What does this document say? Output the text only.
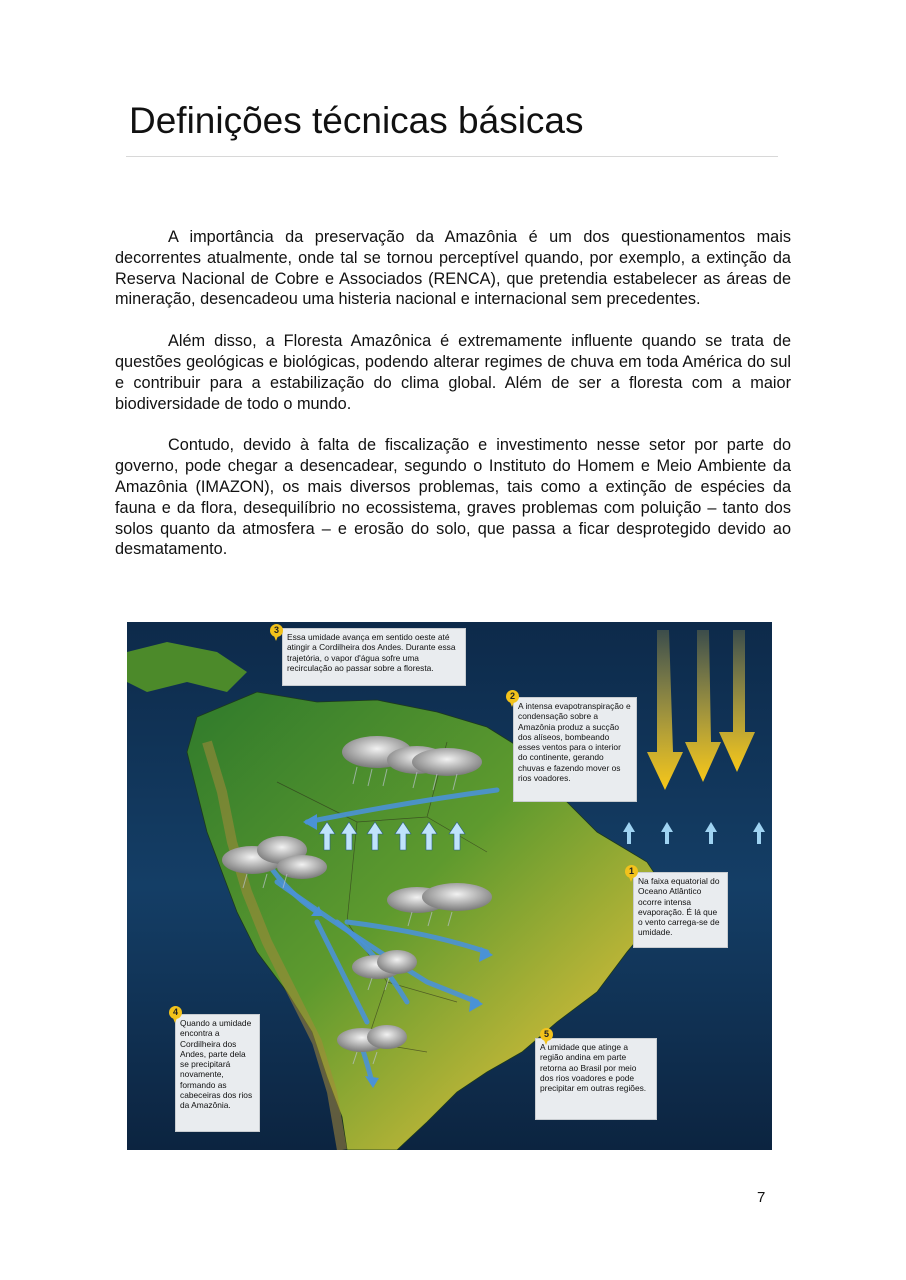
Definições técnicas básicas

A importância da preservação da Amazônia é um dos questionamentos mais decorrentes atualmente, onde tal se tornou perceptível quando, por exemplo, a extinção da Reserva Nacional de Cobre e Associados (RENCA), que pretendia estabelecer as áreas de mineração, desencadeou uma histeria nacional e internacional sem precedentes.

Além disso, a Floresta Amazônica é extremamente influente quando se trata de questões geológicas e biológicas, podendo alterar regimes de chuva em toda América do sul e contribuir para a estabilização do clima global. Além de ser a floresta com a maior biodiversidade de todo o mundo.

Contudo, devido à falta de fiscalização e investimento nesse setor por parte do governo, pode chegar a desencadear, segundo o Instituto do Homem e Meio Ambiente da Amazônia (IMAZON), os mais diversos problemas, tais como a extinção de espécies da fauna e da flora, desequilíbrio no ecossistema, graves problemas com poluição – tanto dos solos quanto da atmosfera – e erosão do solo, que passa a ficar desprotegido devido ao desmatamento.

Essa umidade avança em sentido oeste até atingir a Cordilheira dos Andes. Durante essa trajetória, o vapor d'água sofre uma recirculação ao passar sobre a floresta.
3
A intensa evapotranspiração e condensação sobre a Amazônia produz a sucção dos alíseos, bombeando esses ventos para o interior do continente, gerando chuvas e fazendo mover os rios voadores.
2
Na faixa equatorial do Oceano Atlântico ocorre intensa evaporação. É lá que o vento carrega-se de umidade.
1
Quando a umidade encontra a Cordilheira dos Andes, parte dela se precipitará novamente, formando as cabeceiras dos rios da Amazônia.
4
A umidade que atinge a região andina em parte retorna ao Brasil por meio dos rios voadores e pode precipitar em outras regiões.
5
7
